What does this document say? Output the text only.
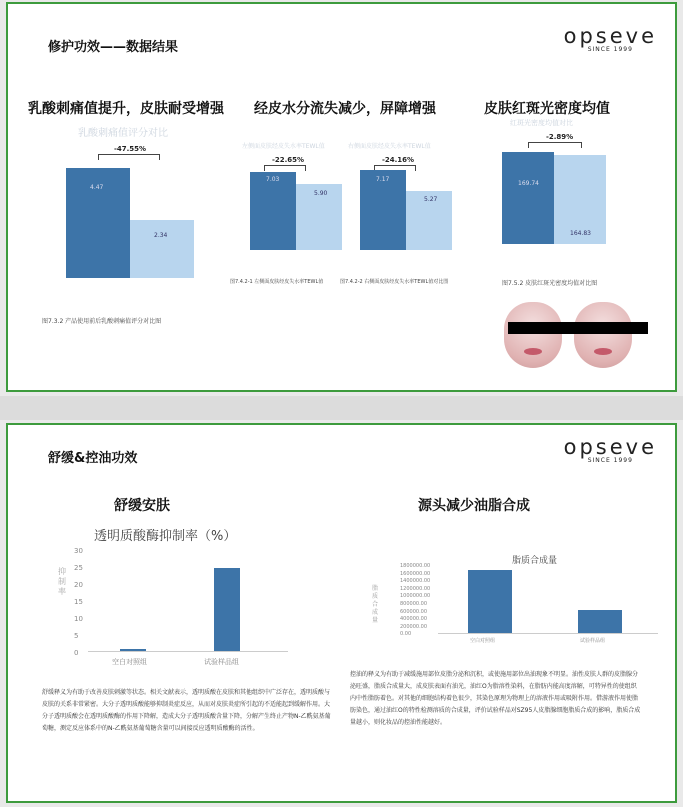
修护功效——数据结果	opseve
SINCE 1999
乳酸刺痛值提升，皮肤耐受增强 经皮水分流失减少，屏障增强	皮肤红斑光密度均值
乳酸刺痛值评分对比
-47.55%
4.47
2.34
图7.3.2 产品使用前后乳酸刺痛值评分对比图
左侧面皮肤经皮失水率TEWL值	右侧面皮肤经皮失水率TEWL值
-22.65%	-24.16%
7.03
5.90
7.17
5.27
图7.4.2-1 左侧面皮肤经皮失水率TEWL值	图7.4.2-2 右侧面皮肤经皮失水率TEWL值对比图
红斑光密度均值对比
-2.89%
169.74
164.83
图7.5.2 皮肤红斑光密度均值对比图
舒缓&控油功效	opseve
SINCE 1999
舒缓安肤	源头减少油脂合成
透明质酸酶抑制率（%）
30
25
20
15
10
5
0
抑制率
空白对照组	试验样品组
脂质合成量
1800000.00
1600000.00
1400000.00
1200000.00
1000000.00
800000.00
600000.00
400000.00
200000.00
0.00
脂质合成量
空白对照组	试验样品组
舒缓释义为有助于改善皮肤刺激等状态。相关文献表示，透明质酸在皮肤和其他组织中广泛存在，透明质酸与皮肤的关系非常紧密。大分子透明质酸能够抑制炎症反应，从而对皮肤炎症所引起的不适能起到缓解作用。大分子透明质酸会在透明质酸酶的作用下降解，造成大分子透明质酸含量下降，分解产生终止产物N-乙酰氨基葡萄糖，测定反应体系中的N-乙酰氨基葡萄糖含量可以间接反应透明质酸酶的活性。
控油的释义为有助于减缓施用部位皮脂分泌和沉积，或使施用部位出油现象不明显。油性皮肤人群的皮脂腺分泌旺盛，脂质合成量大，成皮肤表面有油光，油红O为脂溶性染料，在脂肪内能高度溶解，可特异性的使组织内中性脂肪着色。对其他的细胞结构着色很少，其染色原理为物理上的溶液作用或吸附作用。借游液作用使脂肪染色，通过油红O的特性检测溶质的合成量，评价试验样品对SZ95人皮脂腺细胞脂质合成的影响，脂质合成量越小，则化妆品的控油性能越好。
